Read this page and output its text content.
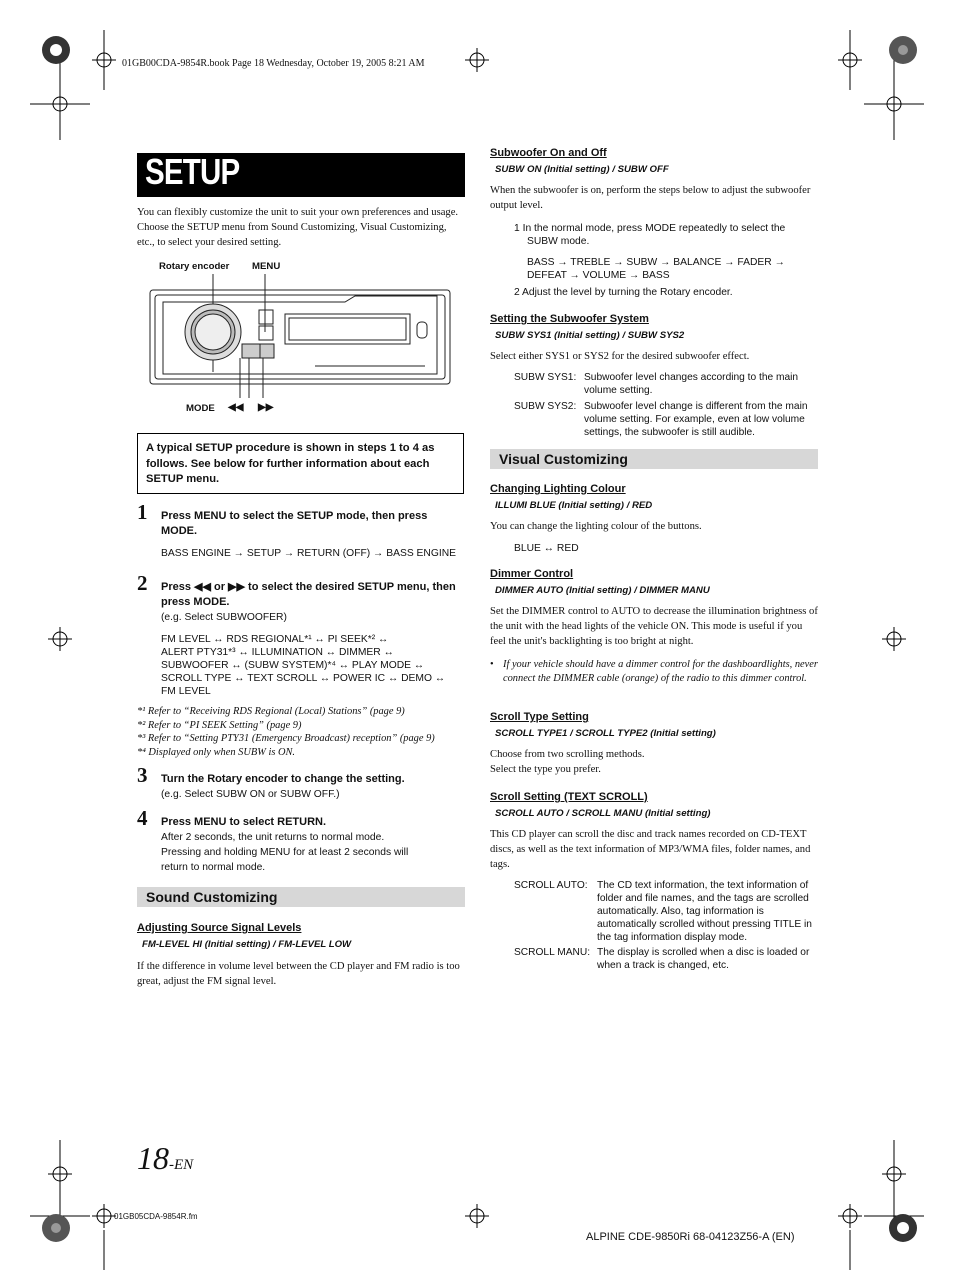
01GB00CDA-9854R.book Page 18 Wednesday, October 19, 2005 8:21 AM
SETUP
You can flexibly customize the unit to suit your own preferences and usage. Choose the SETUP menu from Sound Customizing, Visual Customizing, etc., to select your desired setting.
Rotary encoder MENU
MODE ◀◀ ▶▶
A typical SETUP procedure is shown in steps 1 to 4 as follows. See below for further information about each SETUP menu.
1 Press MENU to select the SETUP mode, then press MODE.
BASS ENGINE → SETUP → RETURN (OFF) → BASS ENGINE
2 Press ◀◀ or ▶▶ to select the desired SETUP menu, then press MODE.
(e.g. Select SUBWOOFER)
FM LEVEL ↔ RDS REGIONAL*¹ ↔ PI SEEK*² ↔
ALERT PTY31*³ ↔ ILLUMINATION ↔ DIMMER ↔
SUBWOOFER ↔ (SUBW SYSTEM)*⁴ ↔ PLAY MODE ↔
SCROLL TYPE ↔ TEXT SCROLL ↔ POWER IC ↔ DEMO ↔
FM LEVEL
*¹ Refer to “Receiving RDS Regional (Local) Stations” (page 9)
*² Refer to “PI SEEK Setting” (page 9)
*³ Refer to “Setting PTY31 (Emergency Broadcast) reception” (page 9)
*⁴ Displayed only when SUBW is ON.
3 Turn the Rotary encoder to change the setting.
(e.g. Select SUBW ON or SUBW OFF.)
4 Press MENU to select RETURN.
After 2 seconds, the unit returns to normal mode.
Pressing and holding MENU for at least 2 seconds will
return to normal mode.
Sound Customizing
Adjusting Source Signal Levels
FM-LEVEL HI (Initial setting) / FM-LEVEL LOW
If the difference in volume level between the CD player and FM radio is too great, adjust the FM signal level.
Subwoofer On and Off
SUBW ON (Initial setting) / SUBW OFF
When the subwoofer is on, perform the steps below to adjust the subwoofer output level.
1 In the normal mode, press MODE repeatedly to select the
SUBW mode.
BASS → TREBLE → SUBW → BALANCE → FADER →
DEFEAT → VOLUME → BASS
2 Adjust the level by turning the Rotary encoder.
Setting the Subwoofer System
SUBW SYS1 (Initial setting) / SUBW SYS2
Select either SYS1 or SYS2 for the desired subwoofer effect.
SUBW SYS1:	Subwoofer level changes according to the main volume setting.
SUBW SYS2:	Subwoofer level change is different from the main volume setting. For example, even at low volume settings, the subwoofer is still audible.
Visual Customizing
Changing Lighting Colour
ILLUMI BLUE (Initial setting) / RED
You can change the lighting colour of the buttons.
BLUE ↔ RED
Dimmer Control
DIMMER AUTO (Initial setting) / DIMMER MANU
Set the DIMMER control to AUTO to decrease the illumination brightness of the unit with the head lights of the vehicle ON. This mode is useful if you feel the unit's backlighting is too bright at night.
• If your vehicle should have a dimmer control for the dashboardlights, never connect the DIMMER cable (orange) of the radio to this dimmer control.
Scroll Type Setting
SCROLL TYPE1 / SCROLL TYPE2 (Initial setting)
Choose from two scrolling methods.
Select the type you prefer.
Scroll Setting (TEXT SCROLL)
SCROLL AUTO / SCROLL MANU (Initial setting)
This CD player can scroll the disc and track names recorded on CD-TEXT discs, as well as the text information of MP3/WMA files, folder names, and tags.
SCROLL AUTO:	The CD text information, the text information of folder and file names, and the tags are scrolled automatically. Also, tag information is automatically scrolled without pressing TITLE in the tag information display mode.
SCROLL MANU:	The display is scrolled when a disc is loaded or when a track is changed, etc.
18-EN
01GB05CDA-9854R.fm
ALPINE CDE-9850Ri 68-04123Z56-A (EN)
